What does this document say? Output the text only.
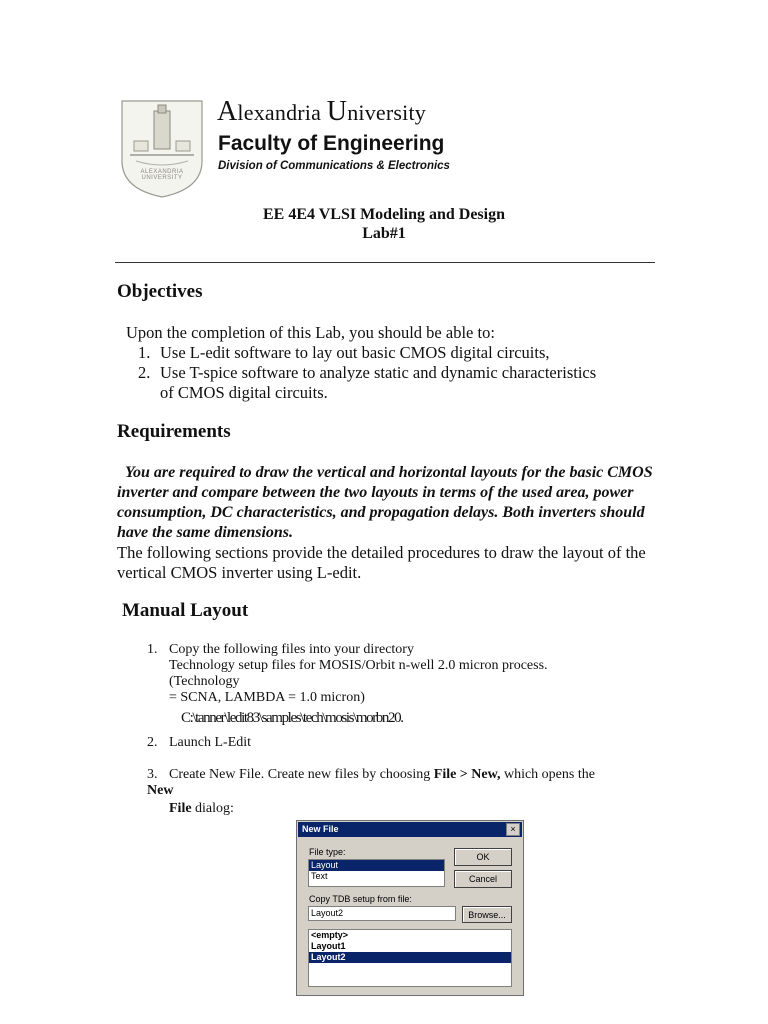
ALEXANDRIA UNIVERSITY
Alexandria University
Faculty of Engineering
Division of Communications & Electronics
EE 4E4 VLSI Modeling and Design
Lab#1
Objectives
Upon the completion of this Lab, you should be able to:
1. Use L-edit software to lay out basic CMOS digital circuits,
2. Use T-spice software to analyze static and dynamic characteristics
of CMOS digital circuits.
Requirements
You are required to draw the vertical and horizontal layouts for the basic CMOS inverter and compare between the two layouts in terms of the used area, power consumption, DC characteristics, and propagation delays. Both inverters should have the same dimensions.
The following sections provide the detailed procedures to draw the layout of the vertical CMOS inverter using L-edit.
Manual Layout
1. Copy the following files into your directory
Technology setup files for MOSIS/Orbit n-well 2.0 micron process.
(Technology
= SCNA, LAMBDA = 1.0 micron)
C:\tanner\ledit83\samples\tech\mosis\morbn20.
2. Launch L-Edit
3. Create New File. Create new files by choosing File > New, which opens the
New
File dialog:
New File	×
File type:
Layout
Text
OK
Cancel
Copy TDB setup from file:
Layout2	Browse...
<empty>
Layout1
Layout2
